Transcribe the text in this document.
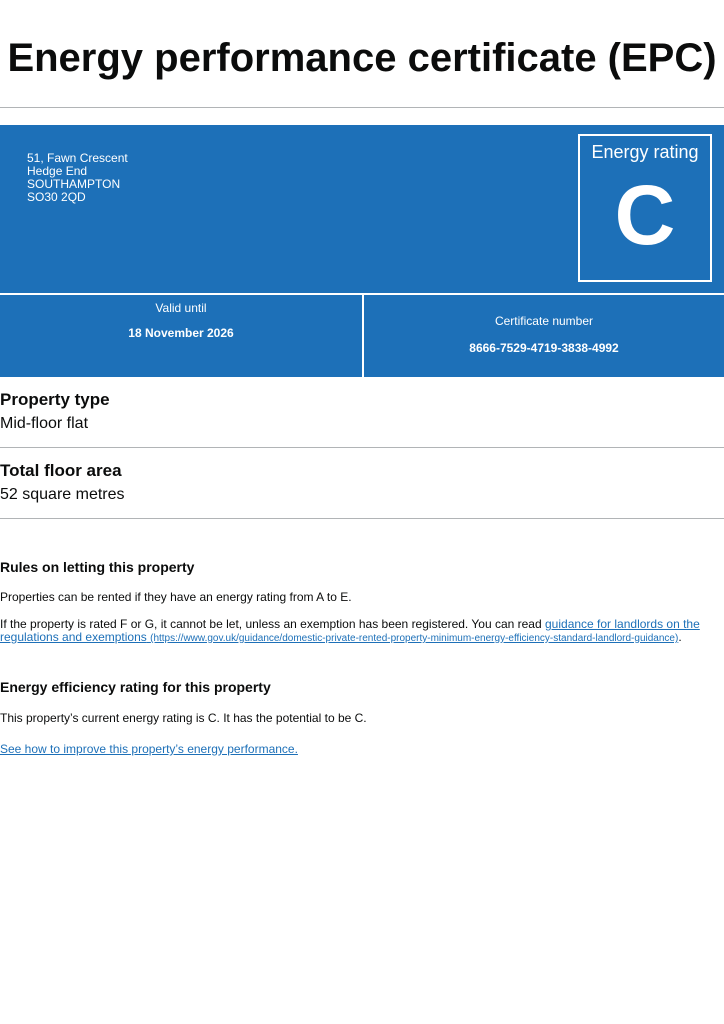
Energy performance certificate (EPC)
51, Fawn Crescent
Hedge End
SOUTHAMPTON
SO30 2QD
Energy rating
C
Valid until
18 November 2026
Certificate number
8666-7529-4719-3838-4992
Property type
Mid-floor flat
Total floor area
52 square metres
Rules on letting this property
Properties can be rented if they have an energy rating from A to E.
If the property is rated F or G, it cannot be let, unless an exemption has been registered. You can read guidance for landlords on the regulations and exemptions (https://www.gov.uk/guidance/domestic-private-rented-property-minimum-energy-efficiency-standard-landlord-guidance).
Energy efficiency rating for this property
This property’s current energy rating is C. It has the potential to be C.
See how to improve this property’s energy performance.
